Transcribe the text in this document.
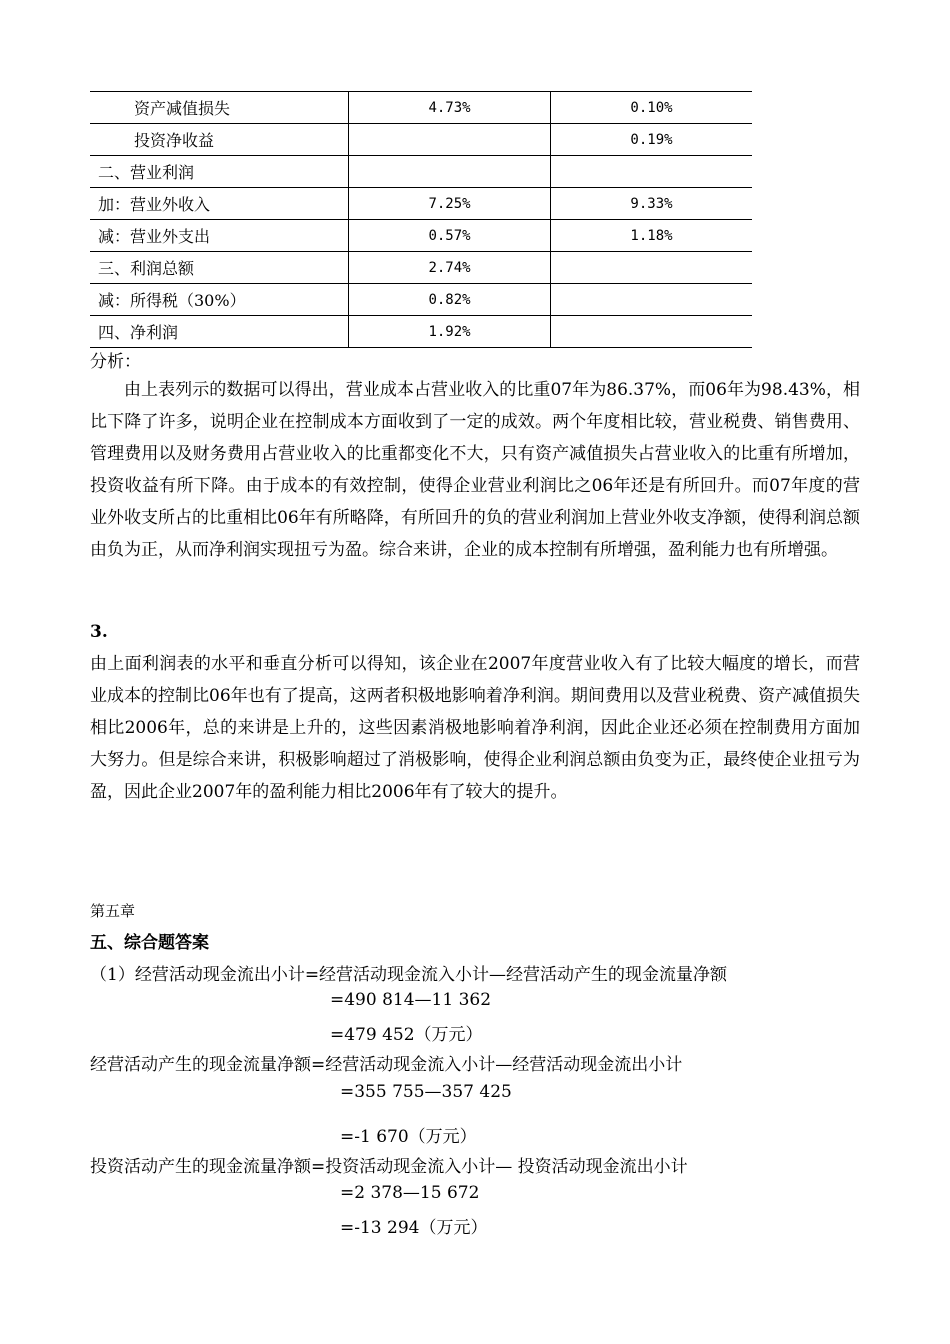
资产减值损失	4.73%	0.10%
投资净收益		0.19%
二、营业利润		
加：营业外收入	7.25%	9.33%
减：营业外支出	0.57%	1.18%
三、利润总额	2.74%	
减：所得税（30%）	0.82%	
四、净利润	1.92%	
分析：
由上表列示的数据可以得出，营业成本占营业收入的比重07年为86.37%，而06年为98.43%，相比下降了许多，说明企业在控制成本方面收到了一定的成效。两个年度相比较，营业税费、销售费用、管理费用以及财务费用占营业收入的比重都变化不大，只有资产减值损失占营业收入的比重有所增加，投资收益有所下降。由于成本的有效控制，使得企业营业利润比之06年还是有所回升。而07年度的营业外收支所占的比重相比06年有所略降，有所回升的负的营业利润加上营业外收支净额，使得利润总额由负为正，从而净利润实现扭亏为盈。综合来讲，企业的成本控制有所增强，盈利能力也有所增强。
3.
由上面利润表的水平和垂直分析可以得知，该企业在2007年度营业收入有了比较大幅度的增长，而营业成本的控制比06年也有了提高，这两者积极地影响着净利润。期间费用以及营业税费、资产减值损失相比2006年，总的来讲是上升的，这些因素消极地影响着净利润，因此企业还必须在控制费用方面加大努力。但是综合来讲，积极影响超过了消极影响，使得企业利润总额由负变为正，最终使企业扭亏为盈，因此企业2007年的盈利能力相比2006年有了较大的提升。
第五章
五、综合题答案
（1）经营活动现金流出小计=经营活动现金流入小计—经营活动产生的现金流量净额
=490 814—11 362
=479 452（万元）
经营活动产生的现金流量净额=经营活动现金流入小计—经营活动现金流出小计
=355 755—357 425
=-1 670（万元）
投资活动产生的现金流量净额=投资活动现金流入小计— 投资活动现金流出小计
=2 378—15 672
=-13 294（万元）
